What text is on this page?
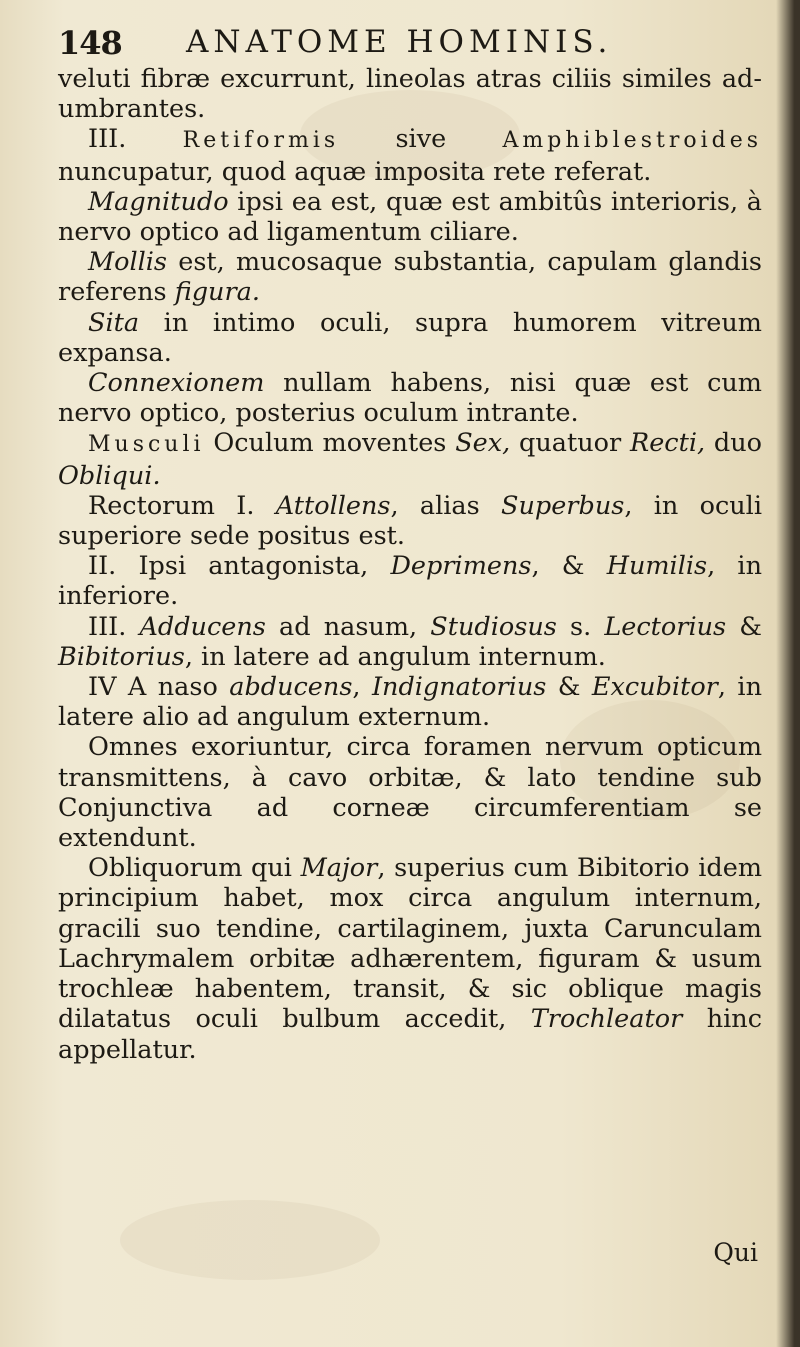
148 ANATOME HOMINIS.

veluti fibræ excurrunt, lineolas atras ciliis similes ad-umbrantes.

III. Retiformis sive Amphiblestroides nuncupatur, quod aquæ imposita rete referat.

Magnitudo ipsi ea est, quæ est ambitûs interioris, à nervo optico ad ligamentum ciliare.

Mollis est, mucosaque substantia, capulam glandis referens figura.

Sita in intimo oculi, supra humorem vitreum expansa.

Connexionem nullam habens, nisi quæ est cum nervo optico, posterius oculum intrante.

Musculi Oculum moventes Sex, quatuor Recti, duo Obliqui.

Rectorum I. Attollens, alias Superbus, in oculi superiore sede positus est.

II. Ipsi antagonista, Deprimens, & Humilis, in inferiore.

III. Adducens ad nasum, Studiosus s. Lectorius & Bibitorius, in latere ad angulum internum.

IV A naso abducens, Indignatorius & Excubitor, in latere alio ad angulum externum.

Omnes exoriuntur, circa foramen nervum opticum transmittens, à cavo orbitæ, & lato tendine sub Conjunctiva ad corneæ circumferentiam se extendunt.

Obliquorum qui Major, superius cum Bibitorio idem principium habet, mox circa angulum internum, gracili suo tendine, cartilaginem, juxta Carunculam Lachrymalem orbitæ adhærentem, figuram & usum trochleæ habentem, transit, & sic oblique magis dilatatus oculi bulbum accedit, Trochleator hinc appellatur.

Qui
